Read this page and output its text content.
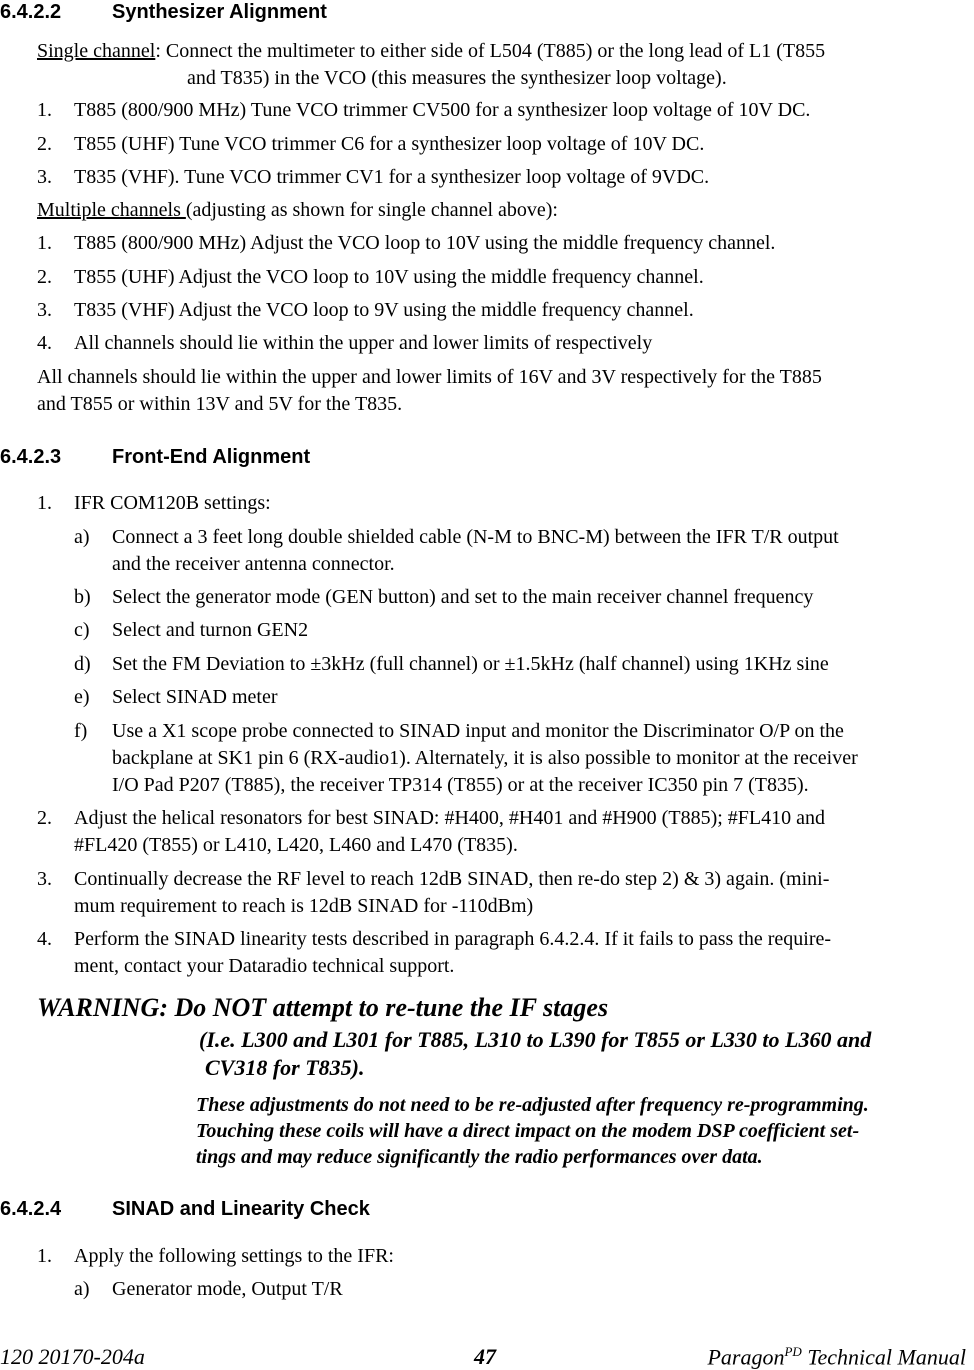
6.4.2.2	Synthesizer Alignment
Single channel: Connect the multimeter to either side of L504 (T885) or the long lead of L1 (T855
and T835) in the VCO (this measures the synthesizer loop voltage).
1. T885 (800/900 MHz) Tune VCO trimmer CV500 for a synthesizer loop voltage of 10V DC.
2. T855 (UHF) Tune VCO trimmer C6 for a synthesizer loop voltage of 10V DC.
3. T835 (VHF). Tune VCO trimmer CV1 for a synthesizer loop voltage of 9VDC.
Multiple channels (adjusting as shown for single channel above):
1. T885 (800/900 MHz) Adjust the VCO loop to 10V using the middle frequency channel.
2. T855 (UHF) Adjust the VCO loop to 10V using the middle frequency channel.
3. T835 (VHF) Adjust the VCO loop to 9V using the middle frequency channel.
4. All channels should lie within the upper and lower limits of respectively
All channels should lie within the upper and lower limits of 16V and 3V respectively for the T885
and T855 or within 13V and 5V for the T835.
6.4.2.3	Front-End Alignment
1. IFR COM120B settings:
a) Connect a 3 feet long double shielded cable (N-M to BNC-M) between the IFR T/R output
and the receiver antenna connector.
b) Select the generator mode (GEN button) and set to the main receiver channel frequency
c) Select and turnon GEN2
d) Set the FM Deviation to ±3kHz (full channel) or ±1.5kHz (half channel) using 1KHz sine
e) Select SINAD meter
f) Use a X1 scope probe connected to SINAD input and monitor the Discriminator O/P on the
backplane at SK1 pin 6 (RX-audio1). Alternately, it is also possible to monitor at the receiver
I/O Pad P207 (T885), the receiver TP314 (T855) or at the receiver IC350 pin 7 (T835).
2. Adjust the helical resonators for best SINAD: #H400, #H401 and #H900 (T885); #FL410 and
#FL420 (T855) or L410, L420, L460 and L470 (T835).
3. Continually decrease the RF level to reach 12dB SINAD, then re-do step 2) & 3) again. (mini-
mum requirement to reach is 12dB SINAD for -110dBm)
4. Perform the SINAD linearity tests described in paragraph 6.4.2.4. If it fails to pass the require-
ment, contact your Dataradio technical support.
WARNING: Do NOT attempt to re-tune the IF stages
(I.e. L300 and L301 for T885, L310 to L390 for T855 or L330 to L360 and
CV318 for T835).
These adjustments do not need to be re-adjusted after frequency re-programming.
Touching these coils will have a direct impact on the modem DSP coefficient set-
tings and may reduce significantly the radio performances over data.
6.4.2.4	SINAD and Linearity Check
1. Apply the following settings to the IFR:
a) Generator mode, Output T/R
120 20170-204a	47	Paragon$^{PD}$ Technical Manual
